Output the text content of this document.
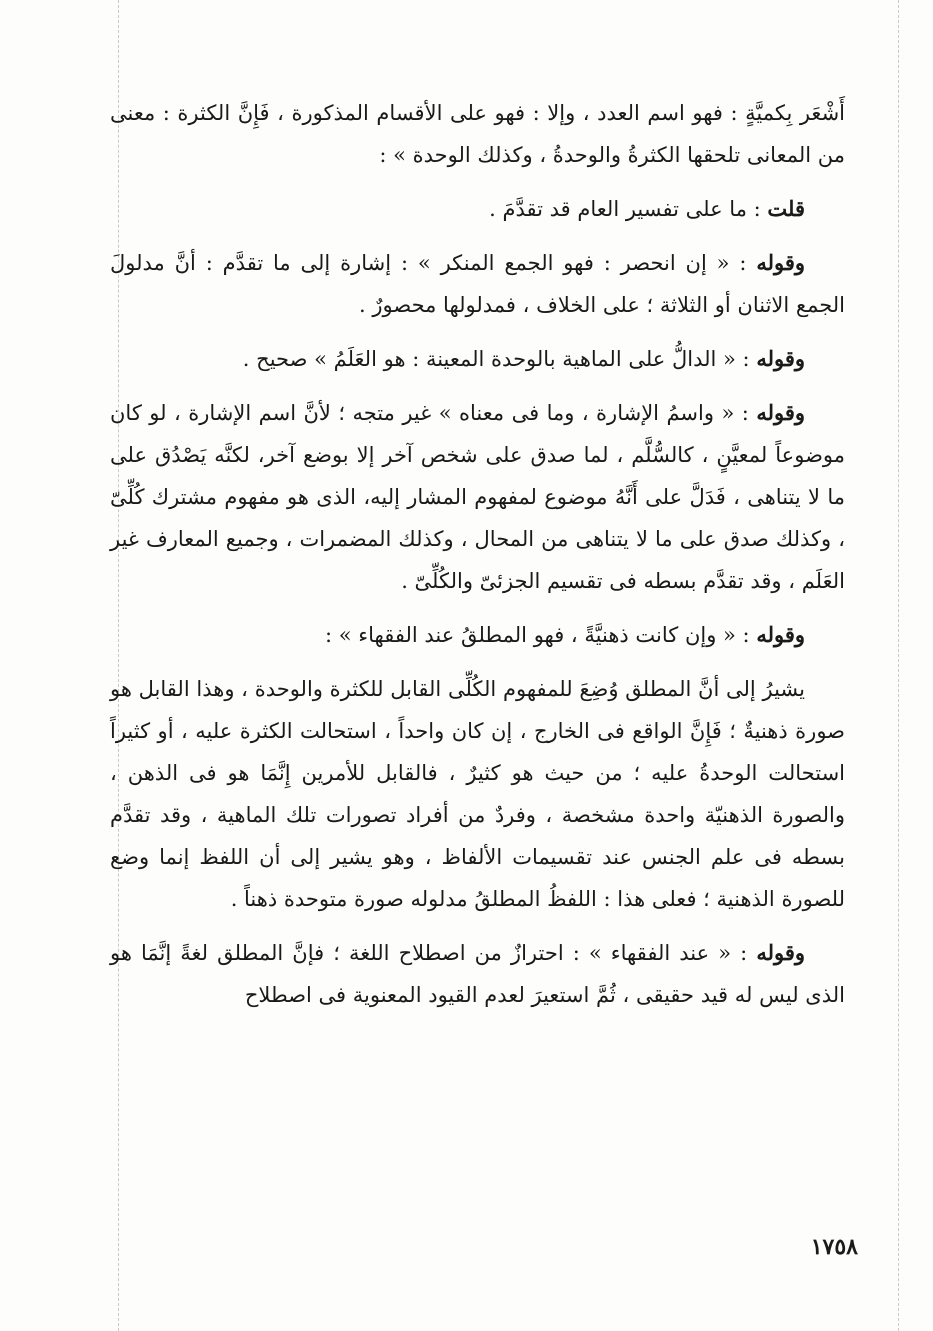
أَشْعَر بِكميَّةٍ : فهو اسم العدد ، وإلا : فهو على الأقسام المذكورة ، فَإِنَّ الكثرة : معنى من المعانى تلحقها الكثرةُ والوحدةُ ، وكذلك الوحدة » :

قلت : ما على تفسير العام قد تقدَّمَ .

وقوله : « إن انحصر : فهو الجمع المنكر » : إشارة إلى ما تقدَّم : أنَّ مدلولَ الجمع الاثنان أو الثلاثة ؛ على الخلاف ، فمدلولها محصورٌ .

وقوله : « الدالُّ على الماهية بالوحدة المعينة : هو العَلَمُ » صحيح .

وقوله : « واسمُ الإشارة ، وما فى معناه » غير متجه ؛ لأنَّ اسم الإشارة ، لو كان موضوعاً لمعيَّنٍ ، كالسُّلَّم ، لما صدق على شخص آخر إلا بوضع آخر، لكنَّه يَصْدُق على ما لا يتناهى ، فَدَلَّ على أَنَّهُ موضوع لمفهوم المشار إليه، الذى هو مفهوم مشترك كُلِّىّ ، وكذلك صدق على ما لا يتناهى من المحال ، وكذلك المضمرات ، وجميع المعارف غير العَلَم ، وقد تقدَّم بسطه فى تقسيم الجزئىّ والكُلِّىّ .

وقوله : « وإن كانت ذهنيَّةً ، فهو المطلقُ عند الفقهاء » :

يشيرُ إلى أنَّ المطلق وُضِعَ للمفهوم الكُلِّى القابل للكثرة والوحدة ، وهذا القابل هو صورة ذهنيةٌ ؛ فَإِنَّ الواقع فى الخارج ، إن كان واحداً ، استحالت الكثرة عليه ، أو كثيراً استحالت الوحدةُ عليه ؛ من حيث هو كثيرٌ ، فالقابل للأمرين إِنَّمَا هو فى الذهن ، والصورة الذهنيّة واحدة مشخصة ، وفردٌ من أفراد تصورات تلك الماهية ، وقد تقدَّم بسطه فى علم الجنس عند تقسيمات الألفاظ ، وهو يشير إلى أن اللفظ إنما وضع للصورة الذهنية ؛ فعلى هذا : اللفظُ المطلقُ مدلوله صورة متوحدة ذهناً .

وقوله : « عند الفقهاء » : احترازٌ من اصطلاح اللغة ؛ فإنَّ المطلق لغةً إنَّمَا هو الذى ليس له قيد حقيقى ، ثُمَّ استعيرَ لعدم القيود المعنوية فى اصطلاح

١٧٥٨
